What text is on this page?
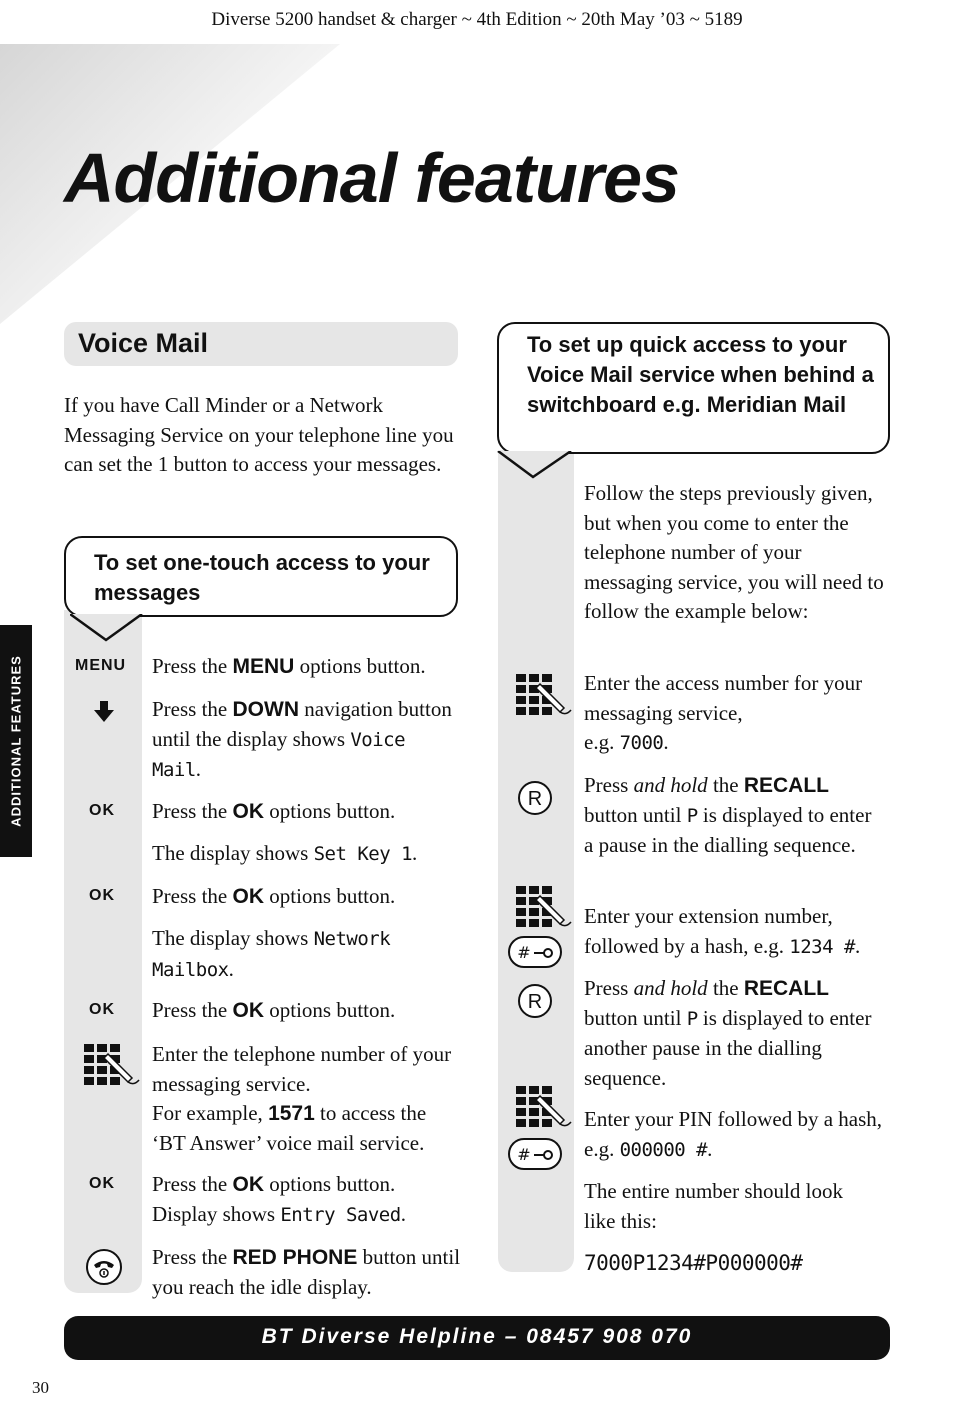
Diverse 5200 handset & charger ~ 4th Edition ~ 20th May ’03 ~ 5189
Additional features
ADDITIONAL FEATURES
Voice Mail
If you have Call Minder or a Network Messaging Service on your telephone line you can set the 1 button to access your messages.
To set one-touch access to your messages
MENU Press the MENU options button.
Press the DOWN navigation button until the display shows Voice Mail.
OK Press the OK options button.
The display shows Set Key 1.
OK Press the OK options button.
The display shows Network Mailbox.
OK Press the OK options button.
Enter the telephone number of your messaging service.
For example, 1571 to access the ‘BT Answer’ voice mail service.
OK Press the OK options button.
Display shows Entry Saved.
Press the RED PHONE button until you reach the idle display.
To set up quick access to your Voice Mail service when behind a switchboard e.g. Meridian Mail
Follow the steps previously given, but when you come to enter the telephone number of your messaging service, you will need to follow the example below:
Enter the access number for your messaging service,
e.g. 7000.
R
Press and hold the RECALL button until P is displayed to enter a pause in the dialling sequence.
#
Enter your extension number, followed by a hash, e.g. 1234 #.
R
Press and hold the RECALL button until P is displayed to enter another pause in the dialling sequence.
#
Enter your PIN followed by a hash, e.g. 000000 #.
The entire number should look like this:
7000P1234#P000000#
BT Diverse Helpline – 08457 908 070
30
